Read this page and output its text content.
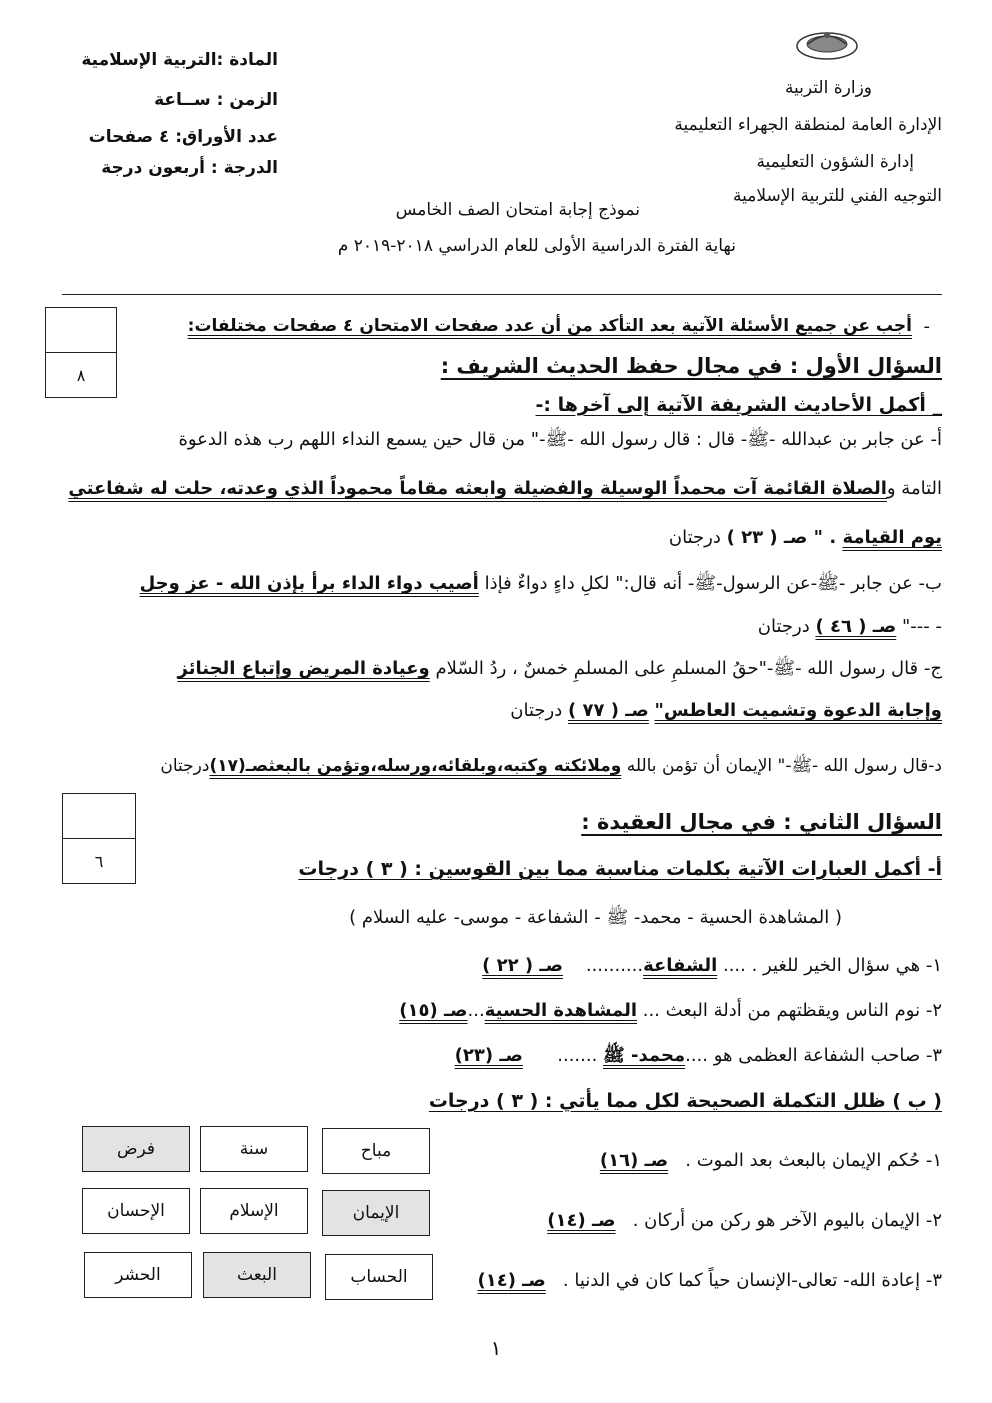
وزارة التربية
الإدارة العامة لمنطقة الجهراء التعليمية
إدارة الشؤون التعليمية
التوجيه الفني للتربية الإسلامية
المادة :التربية الإسلامية
الزمن : ســاعة
عدد الأوراق: ٤ صفحات
الدرجة : أربعون درجة
نموذج إجابة امتحان الصف الخامس
نهاية الفترة الدراسية الأولى للعام الدراسي ٢٠١٨-٢٠١٩ م
أجب عن جميع الأسئلة الآتية بعد التأكد من أن عدد صفحات الامتحان ٤ صفحات مختلفات: -
٨	السؤال الأول : في مجال حفظ الحديث الشريف :
_ أكمل الأحاديث الشريفة الآتية إلى آخرها :-
أ- عن جابر بن عبدالله -ﷺ- قال : قال رسول الله -ﷺ-" من قال حين يسمع النداء اللهم رب هذه الدعوة
التامة والصلاة القائمة آت محمداً الوسيلة والفضيلة وابعثه مقاماً محموداً الذي وعدته، حلت له شفاعتي
يوم القيامة . " صـ ( ٢٣ ) درجتان
ب- عن جابر -ﷺ-عن الرسول-ﷺ- أنه قال:" لكلِ داءٍ دواءٌ فإذا أصيب دواء الداء برأ بإذن الله - عز وجل
- ---" صـ ( ٤٦ ) درجتان
ج- قال رسول الله -ﷺ-"حقُ المسلمِ على المسلمِ خمسٌ ، ردُ السّلام وعيادة المريض وإتباع الجنائز
وإجابة الدعوة وتشميت العاطس" صـ ( ٧٧ ) درجتان
د-قال رسول الله -ﷺ-" الإيمان أن تؤمن بالله وملائكته وكتبه،وبلقائه،ورسله،وتؤمن بالبعثصـ(١٧)درجتان
٦
السؤال الثاني : في مجال العقيدة :
أ- أكمل العبارات الآتية بكلمات مناسبة مما بين القوسين : ( ٣ ) درجات
( المشاهدة الحسية - محمد- ﷺ - الشفاعة - موسى- عليه السلام )
١- هي سؤال الخير للغير . .... الشفاعة..........    صـ ( ٢٢ )
٢- نوم الناس ويقظتهم من أدلة البعث ... المشاهدة الحسية...صـ (١٥)
٣- صاحب الشفاعة العظمى هو ....محمد- ﷺ .......      صـ (٢٣)
( ب ) ظلل التكملة الصحيحة لكل مما يأتي : ( ٣ ) درجات
١- حُكم الإيمان بالبعث بعد الموت .   صـ (١٦)
٢- الإيمان باليوم الآخر هو ركن من أركان .   صـ (١٤)
٣- إعادة الله- تعالى-الإنسان حياً كما كان في الدنيا .   صـ (١٤)
مباح
سنة
فرض
الإيمان
الإسلام
الإحسان
الحساب
البعث
الحشر
١
